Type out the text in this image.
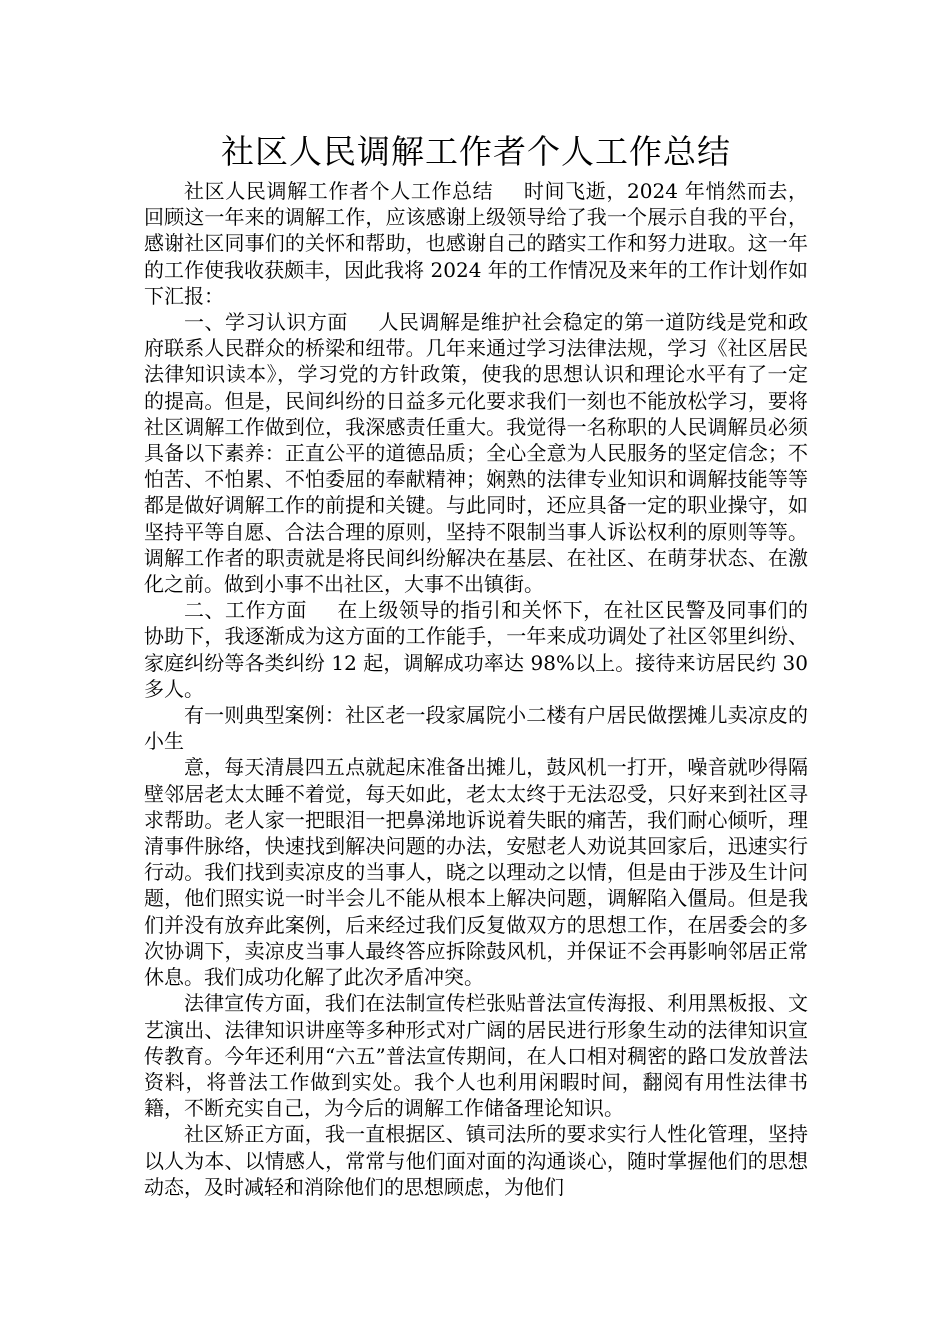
社区人民调解工作者个人工作总结

社区人民调解工作者个人工作总结 时间飞逝，2024 年悄然而去，回顾这一年来的调解工作，应该感谢上级领导给了我一个展示自我的平台，感谢社区同事们的关怀和帮助，也感谢自己的踏实工作和努力进取。这一年的工作使我收获颇丰，因此我将 2024 年的工作情况及来年的工作计划作如下汇报：

一、学习认识方面 人民调解是维护社会稳定的第一道防线是党和政府联系人民群众的桥梁和纽带。几年来通过学习法律法规，学习《社区居民法律知识读本》，学习党的方针政策，使我的思想认识和理论水平有了一定的提高。但是，民间纠纷的日益多元化要求我们一刻也不能放松学习，要将社区调解工作做到位，我深感责任重大。我觉得一名称职的人民调解员必须具备以下素养：正直公平的道德品质；全心全意为人民服务的坚定信念；不怕苦、不怕累、不怕委屈的奉献精神；娴熟的法律专业知识和调解技能等等都是做好调解工作的前提和关键。与此同时，还应具备一定的职业操守，如坚持平等自愿、合法合理的原则，坚持不限制当事人诉讼权利的原则等等。调解工作者的职责就是将民间纠纷解决在基层、在社区、在萌芽状态、在激化之前。做到小事不出社区，大事不出镇街。

二、工作方面 在上级领导的指引和关怀下，在社区民警及同事们的协助下，我逐渐成为这方面的工作能手，一年来成功调处了社区邻里纠纷、家庭纠纷等各类纠纷 12 起，调解成功率达 98%以上。接待来访居民约 30 多人。

有一则典型案例：社区老一段家属院小二楼有户居民做摆摊儿卖凉皮的小生

意，每天清晨四五点就起床准备出摊儿，鼓风机一打开，噪音就吵得隔壁邻居老太太睡不着觉，每天如此，老太太终于无法忍受，只好来到社区寻求帮助。老人家一把眼泪一把鼻涕地诉说着失眠的痛苦，我们耐心倾听，理清事件脉络，快速找到解决问题的办法，安慰老人劝说其回家后，迅速实行行动。我们找到卖凉皮的当事人，晓之以理动之以情，但是由于涉及生计问题，他们照实说一时半会儿不能从根本上解决问题，调解陷入僵局。但是我们并没有放弃此案例，后来经过我们反复做双方的思想工作，在居委会的多次协调下，卖凉皮当事人最终答应拆除鼓风机，并保证不会再影响邻居正常休息。我们成功化解了此次矛盾冲突。

法律宣传方面，我们在法制宣传栏张贴普法宣传海报、利用黑板报、文艺演出、法律知识讲座等多种形式对广阔的居民进行形象生动的法律知识宣传教育。今年还利用“六五”普法宣传期间，在人口相对稠密的路口发放普法资料，将普法工作做到实处。我个人也利用闲暇时间，翻阅有用性法律书籍，不断充实自己，为今后的调解工作储备理论知识。

社区矫正方面，我一直根据区、镇司法所的要求实行人性化管理，坚持以人为本、以情感人，常常与他们面对面的沟通谈心，随时掌握他们的思想动态，及时减轻和消除他们的思想顾虑，为他们
